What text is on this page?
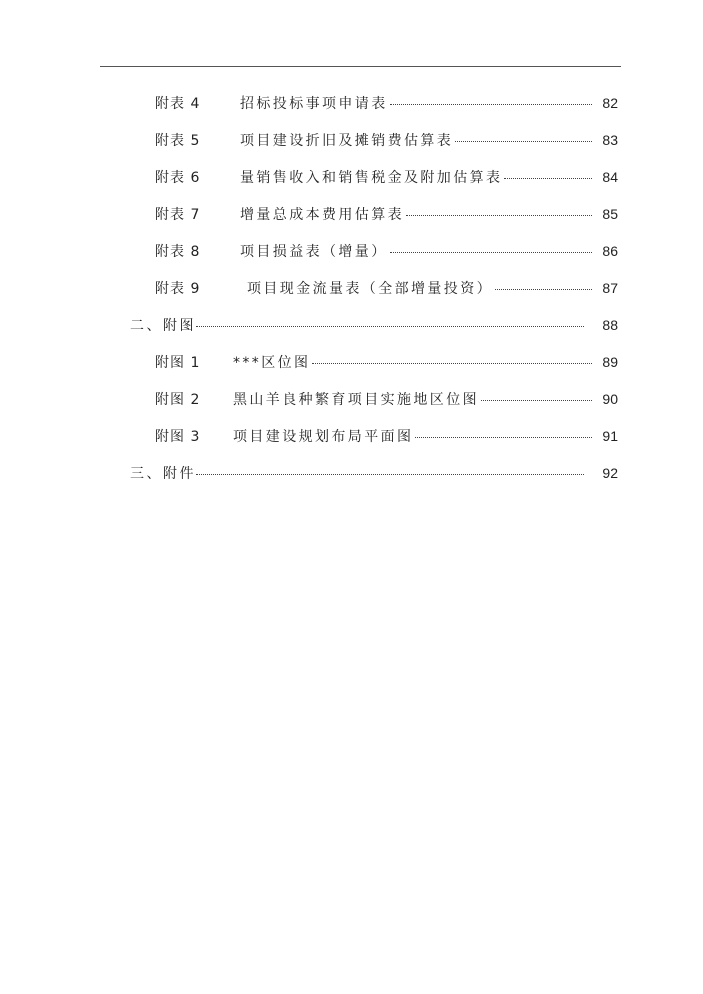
附表 4	招标投标事项申请表	82
附表 5	项目建设折旧及摊销费估算表	83
附表 6	量销售收入和销售税金及附加估算表	84
附表 7	增量总成本费用估算表	85
附表 8	项目损益表（增量）	86
附表 9	项目现金流量表（全部增量投资）	87
二、附图	88
附图 1	***区位图	89
附图 2	黑山羊良种繁育项目实施地区位图	90
附图 3	项目建设规划布局平面图	91
三、附件	92
